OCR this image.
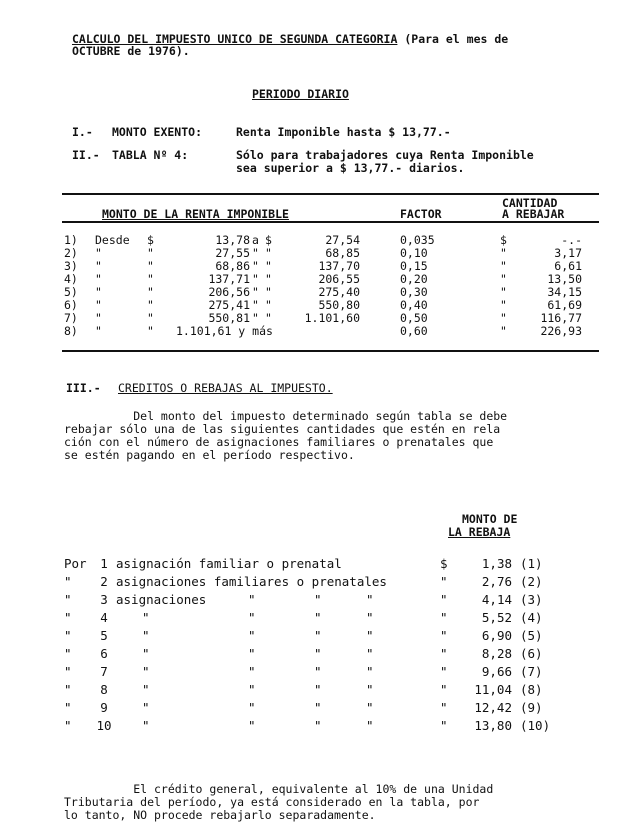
CALCULO DEL IMPUESTO UNICO DE SEGUNDA CATEGORIA (Para el mes de
OCTUBRE de 1976).
PERIODO DIARIO
I.- MONTO EXENTO:	Renta Imponible hasta $ 13,77.-
II.- TABLA Nº 4:	Sólo para trabajadores cuya Renta Imponible
sea superior a $ 13,77.- diarios.
CANTIDAD
MONTO DE LA RENTA IMPONIBLE	FACTOR	A REBAJAR
1)	Desde	$	13,78 a $	27,54	0,035	$	-.-
2)	"	"	27,55 " "	68,85	0,10	"	3,17
3)	"	"	68,86 " "	137,70	0,15	"	6,61
4)	"	"	137,71 " "	206,55	0,20	"	13,50
5)	"	"	206,56 " "	275,40	0,30	"	34,15
6)	"	"	275,41 " "	550,80	0,40	"	61,69
7)	"	"	550,81 " "	1.101,60	0,50	"	116,77
8)	"	" 1.101,61 y más	0,60	"	226,93
III.- CREDITOS O REBAJAS AL IMPUESTO.
Del monto del impuesto determinado según tabla se debe
rebajar sólo una de las siguientes cantidades que estén en rela
ción con el número de asignaciones familiares o prenatales que
se estén pagando en el período respectivo.
MONTO DE
LA REBAJA
Por	1 asignación familiar o prenatal	$	1,38 (1)
"	2 asignaciones familiares o prenatales	"	2,76 (2)
"	3 asignaciones	"	"	"	"	4,14 (3)
"	4	"	"	"	"	"	5,52 (4)
"	5	"	"	"	"	"	6,90 (5)
"	6	"	"	"	"	"	8,28 (6)
"	7	"	"	"	"	"	9,66 (7)
"	8	"	"	"	"	"	11,04 (8)
"	9	"	"	"	"	"	12,42 (9)
"	10 "	"	"	"	"	13,80 (10)
El crédito general, equivalente al 10% de una Unidad
Tributaria del período, ya está considerado en la tabla, por
lo tanto, NO procede rebajarlo separadamente.
